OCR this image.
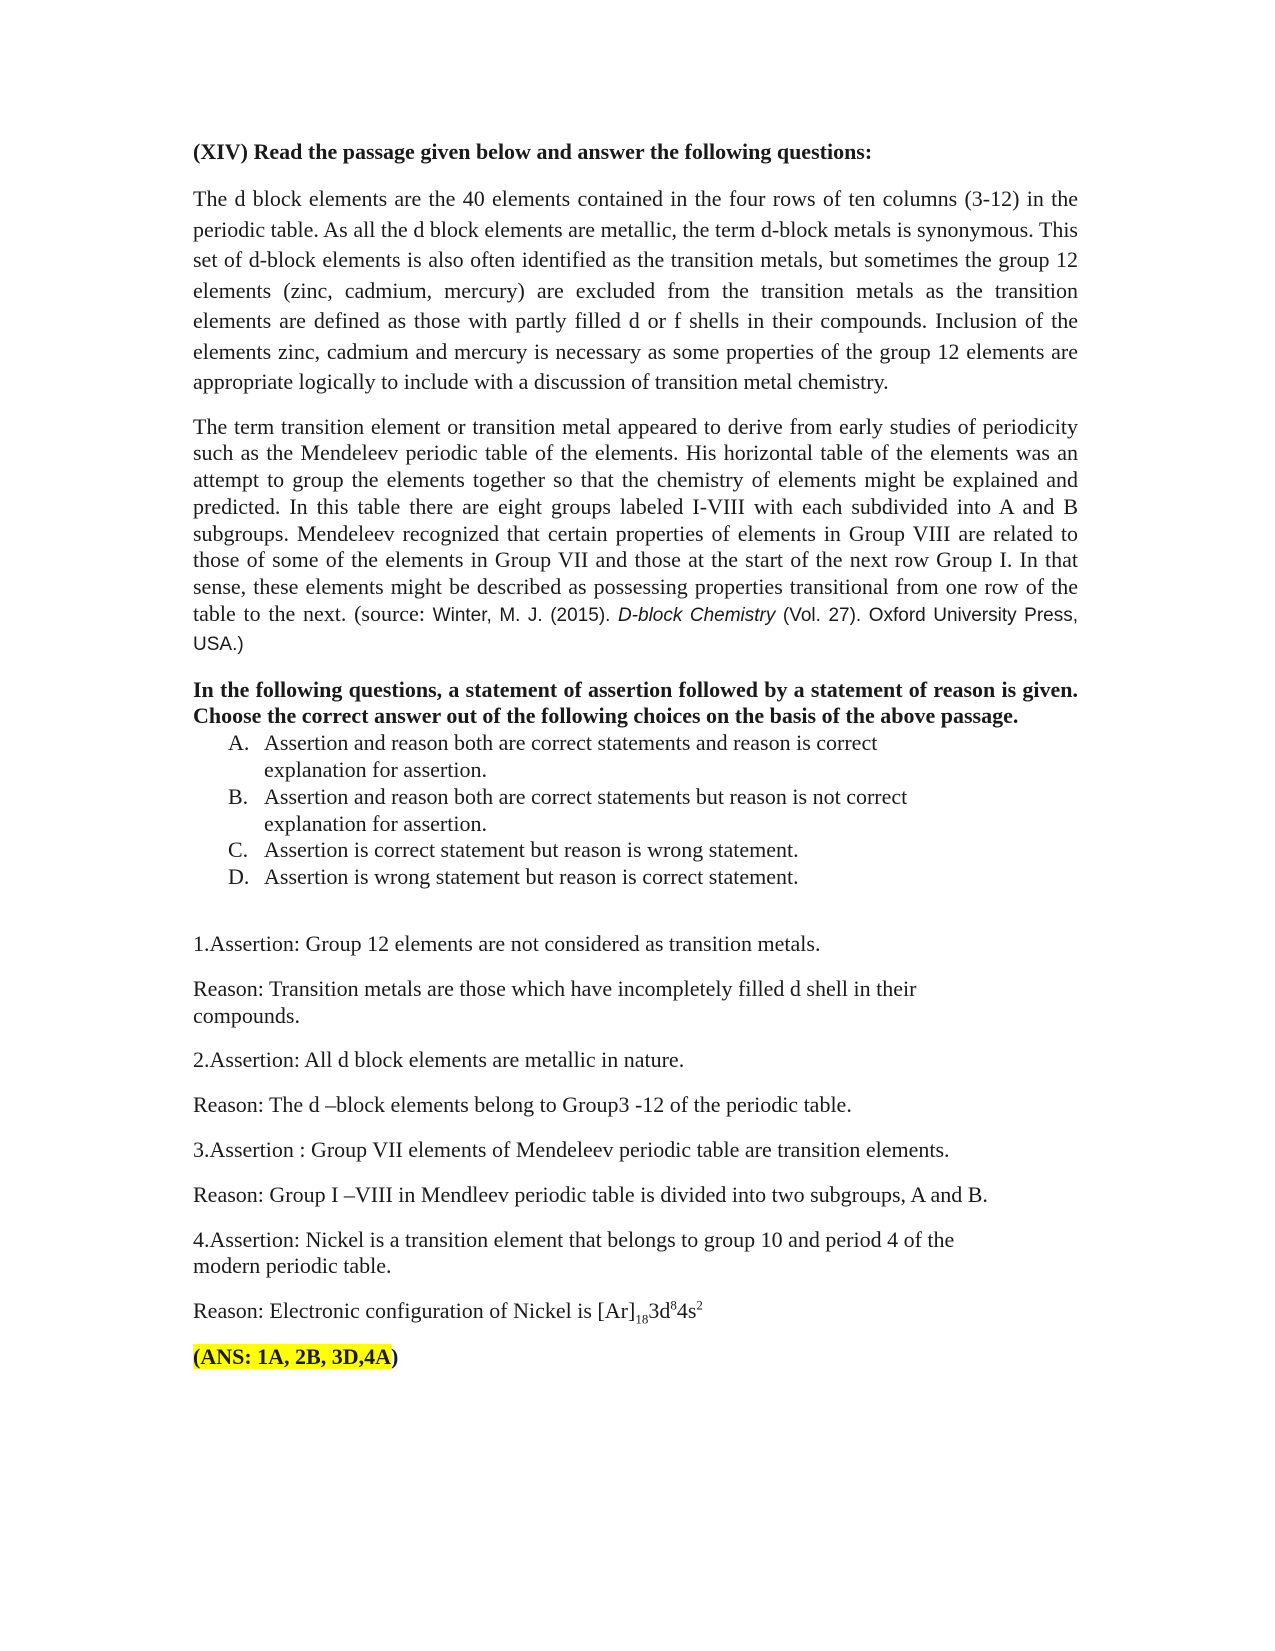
(XIV) Read the passage given below and answer the following questions:

The d block elements are the 40 elements contained in the four rows of ten columns (3-12) in the periodic table. As all the d block elements are metallic, the term d-block metals is synonymous. This set of d-block elements is also often identified as the transition metals, but sometimes the group 12 elements (zinc, cadmium, mercury) are excluded from the transition metals as the transition elements are defined as those with partly filled d or f shells in their compounds. Inclusion of the elements zinc, cadmium and mercury is necessary as some properties of the group 12 elements are appropriate logically to include with a discussion of transition metal chemistry.

The term transition element or transition metal appeared to derive from early studies of periodicity such as the Mendeleev periodic table of the elements. His horizontal table of the elements was an attempt to group the elements together so that the chemistry of elements might be explained and predicted. In this table there are eight groups labeled I-VIII with each subdivided into A and B subgroups. Mendeleev recognized that certain properties of elements in Group VIII are related to those of some of the elements in Group VII and those at the start of the next row Group I. In that sense, these elements might be described as possessing properties transitional from one row of the table to the next. (source: Winter, M. J. (2015). D-block Chemistry (Vol. 27). Oxford University Press, USA.)

In the following questions, a statement of assertion followed by a statement of reason is given. Choose the correct answer out of the following choices on the basis of the above passage.

A. Assertion and reason both are correct statements and reason is correct explanation for assertion.
B. Assertion and reason both are correct statements but reason is not correct explanation for assertion.
C. Assertion is correct statement but reason is wrong statement.
D. Assertion is wrong statement but reason is correct statement.

1.Assertion: Group 12 elements are not considered as transition metals.

Reason: Transition metals are those which have incompletely filled d shell in their compounds.

2.Assertion: All d block elements are metallic in nature.

Reason: The d –block elements belong to Group3 -12 of the periodic table.

3.Assertion : Group VII elements of Mendeleev periodic table are transition elements.

Reason: Group I –VIII in Mendleev periodic table is divided into two subgroups, A and B.

4.Assertion: Nickel is a transition element that belongs to group 10 and period 4 of the modern periodic table.

Reason: Electronic configuration of Nickel is $[Ar]_{18}3d^84s^2$

(ANS: 1A, 2B, 3D,4A)
